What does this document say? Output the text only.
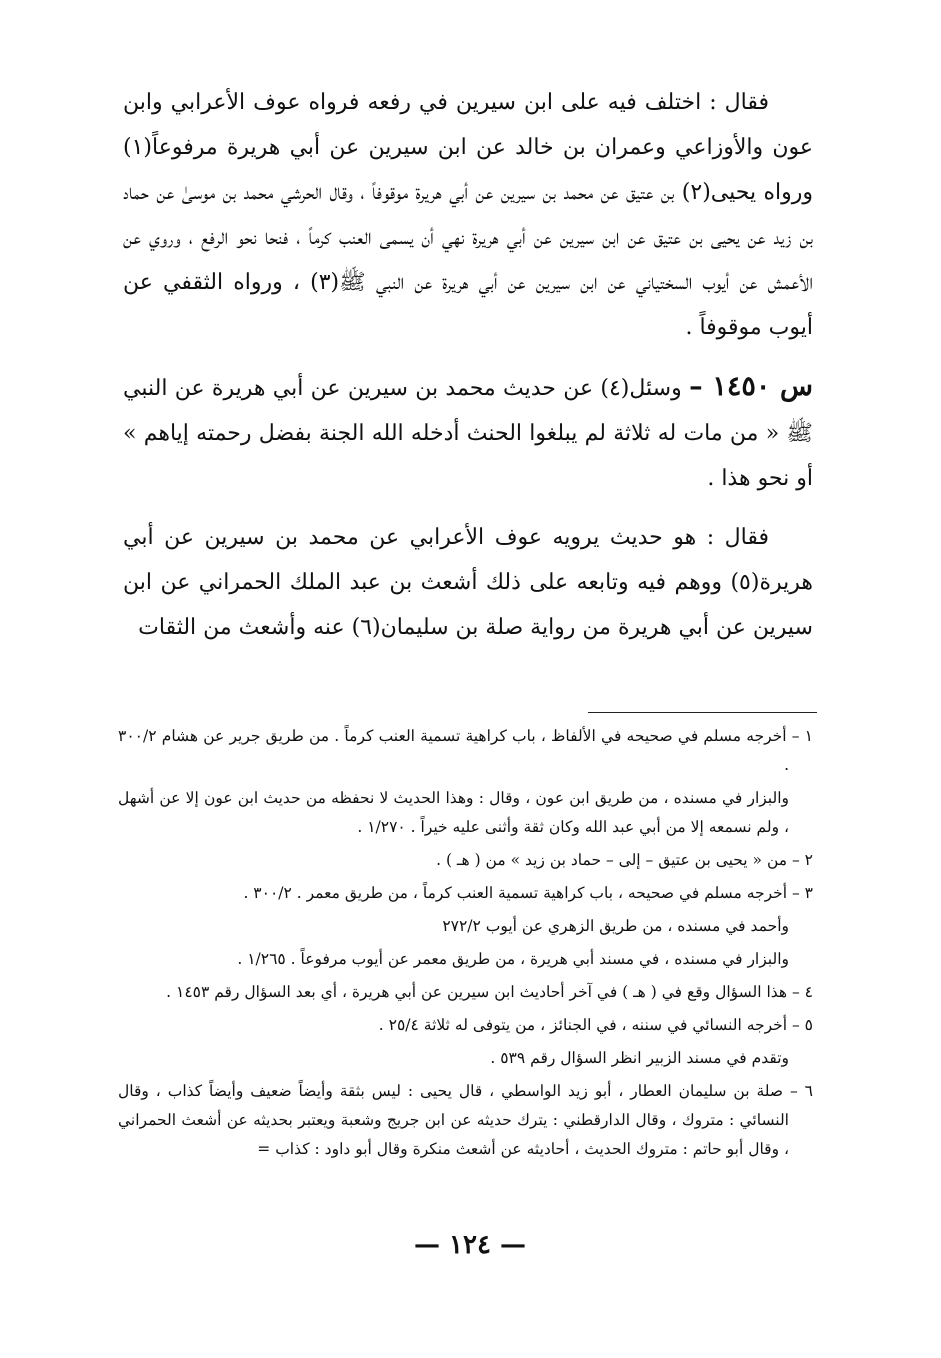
فقال : اختلف فيه على ابن سيرين في رفعه فرواه عوف الأعرابي وابن عون والأوزاعي وعمران بن خالد عن ابن سيرين عن أبي هريرة مرفوعاً(١) ورواه يحيى(٢) بن عتيق عن محمد بن سيرين عن أبي هريرة موقوفاً ، وقال الحرشي محمد بن موسىٰ عن حماد بن زيد عن يحيى بن عتيق عن ابن سيرين عن أبي هريرة نهي أن يسمى العنب كرماً ، فنحا نحو الرفع ، وروي عن الأعمش عن أيوب السختياني عن ابن سيرين عن أبي هريرة عن النبي ﷺ(٣) ، ورواه الثقفي عن أيوب موقوفاً .

س ١٤٥٠ – وسئل(٤) عن حديث محمد بن سيرين عن أبي هريرة عن النبي ﷺ « من مات له ثلاثة لم يبلغوا الحنث أدخله الله الجنة بفضل رحمته إياهم » أو نحو هذا .

فقال : هو حديث يرويه عوف الأعرابي عن محمد بن سيرين عن أبي هريرة(٥) ووهم فيه وتابعه على ذلك أشعث بن عبد الملك الحمراني عن ابن سيرين عن أبي هريرة من رواية صلة بن سليمان(٦) عنه وأشعث من الثقات

١ – أخرجه مسلم في صحيحه في الألفاظ ، باب كراهية تسمية العنب كرماً . من طريق جرير عن هشام ٣٠٠/٢ .

والبزار في مسنده ، من طريق ابن عون ، وقال : وهذا الحديث لا نحفظه من حديث ابن عون إلا عن أشهل ، ولم نسمعه إلا من أبي عبد الله وكان ثقة وأثنى عليه خيراً . ١/٢٧٠ .

٢ – من « يحيى بن عتيق – إلى – حماد بن زيد » من ( هـ ) .

٣ – أخرجه مسلم في صحيحه ، باب كراهية تسمية العنب كرماً ، من طريق معمر . ٣٠٠/٢ .

وأحمد في مسنده ، من طريق الزهري عن أيوب ٢٧٢/٢

والبزار في مسنده ، في مسند أبي هريرة ، من طريق معمر عن أيوب مرفوعاً . ١/٢٦٥ .

٤ – هذا السؤال وقع في ( هـ ) في آخر أحاديث ابن سيرين عن أبي هريرة ، أي بعد السؤال رقم ١٤٥٣ .

٥ – أخرجه النسائي في سننه ، في الجنائز ، من يتوفى له ثلاثة ٢٥/٤ .

وتقدم في مسند الزبير انظر السؤال رقم ٥٣٩ .

٦ – صلة بن سليمان العطار ، أبو زيد الواسطي ، قال يحيى : ليس بثقة وأيضاً ضعيف وأيضاً كذاب ، وقال النسائي : متروك ، وقال الدارقطني : يترك حديثه عن ابن جريج وشعبة ويعتبر بحديثه عن أشعث الحمراني ، وقال أبو حاتم : متروك الحديث ، أحاديثه عن أشعث منكرة وقال أبو داود : كذاب =

— ١٢٤ —
